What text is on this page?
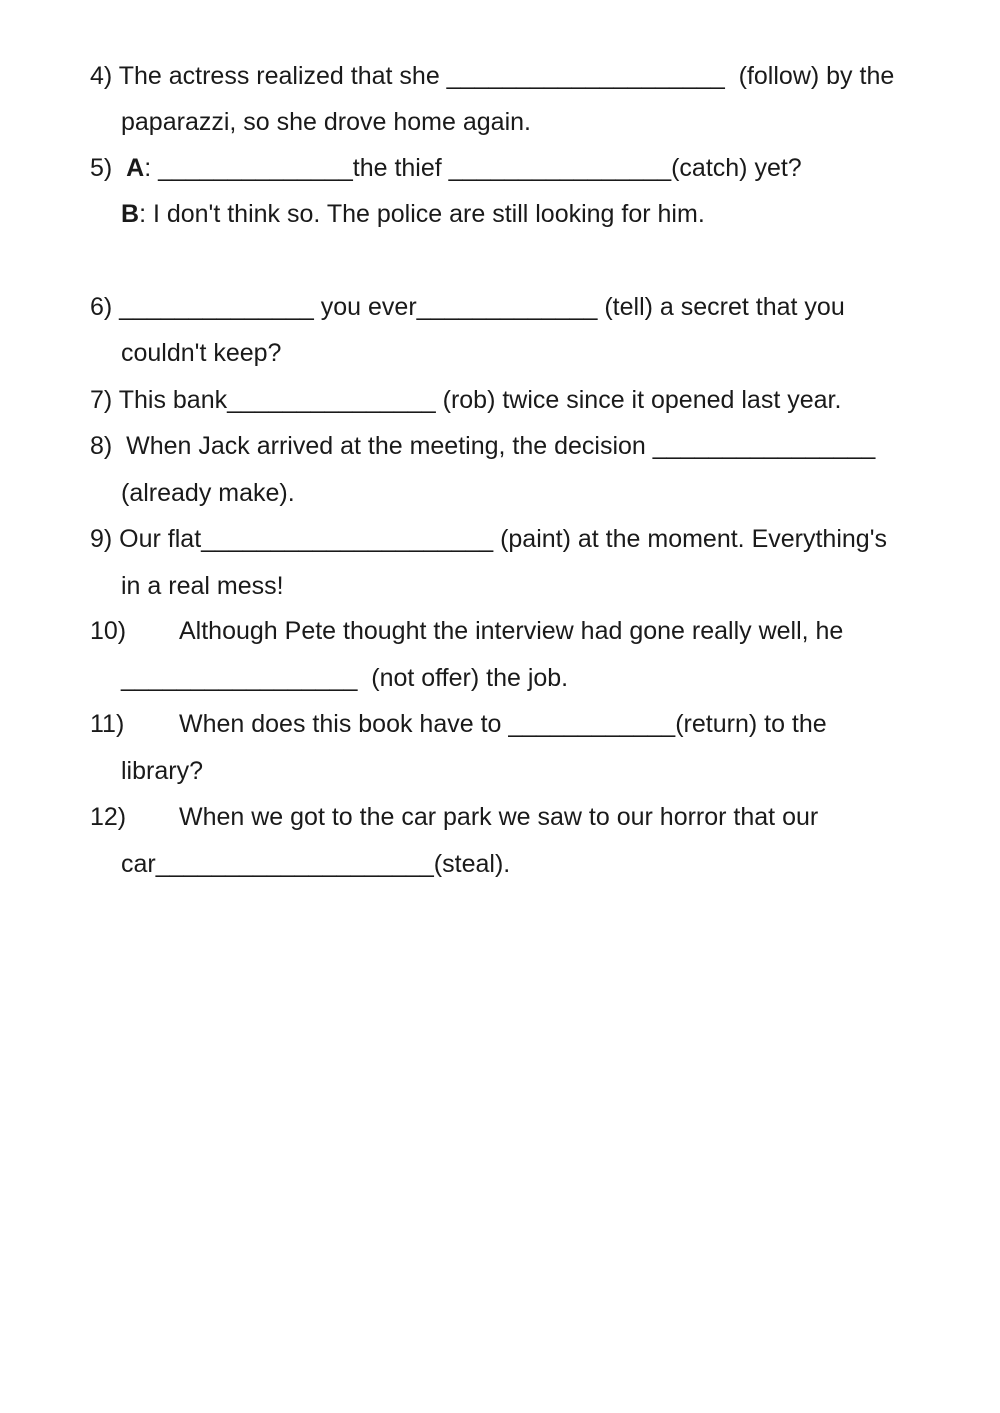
4) The actress realized that she ____________________  (follow) by the
paparazzi, so she drove home again.
5) A: ______________the thief ________________(catch) yet?
B: I don't think so. The police are still looking for him.
6) ______________ you ever_____________ (tell) a secret that you
couldn't keep?
7) This bank_______________ (rob) twice since it opened last year.
8)  When Jack arrived at the meeting, the decision ________________
(already make).
9) Our flat_____________________ (paint) at the moment. Everything's
in a real mess!
10) Although Pete thought the interview had gone really well, he
_________________  (not offer) the job.
11) When does this book have to ____________(return) to the
library?
12) When we got to the car park we saw to our horror that our
car____________________(steal).
